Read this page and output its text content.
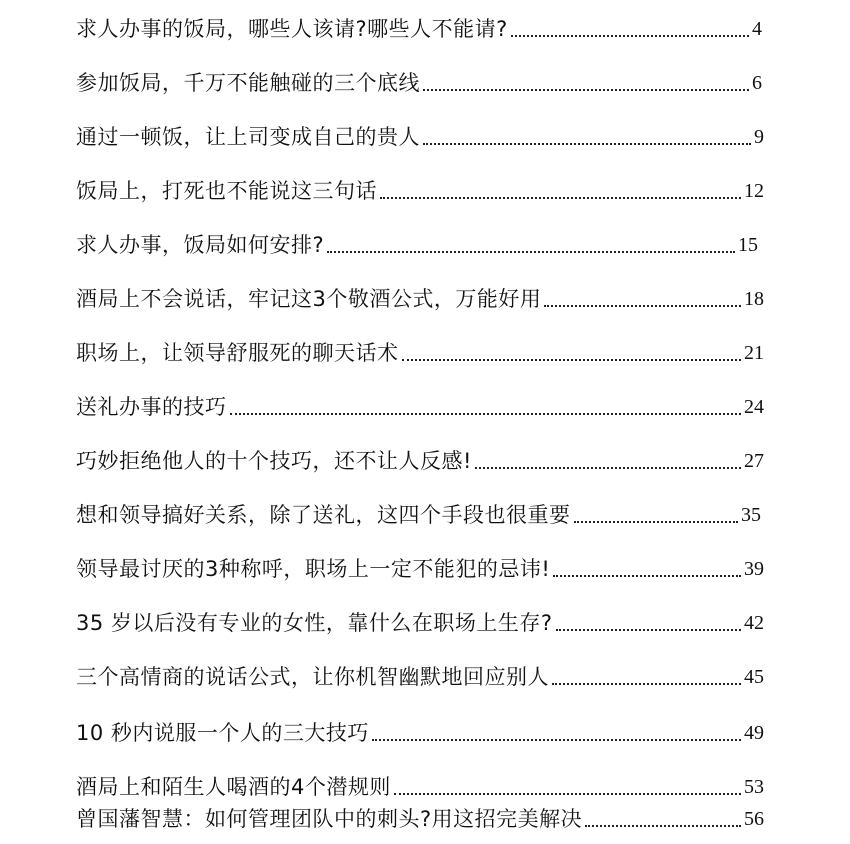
求人办事的饭局，哪些人该请?哪些人不能请?	4
参加饭局，千万不能触碰的三个底线	6
通过一顿饭，让上司变成自己的贵人	9
饭局上，打死也不能说这三句话	12
求人办事，饭局如何安排?	15
酒局上不会说话，牢记这3个敬酒公式，万能好用	18
职场上，让领导舒服死的聊天话术	21
送礼办事的技巧	24
巧妙拒绝他人的十个技巧，还不让人反感!	27
想和领导搞好关系，除了送礼，这四个手段也很重要	35
领导最讨厌的3种称呼，职场上一定不能犯的忌讳!	39
35 岁以后没有专业的女性，靠什么在职场上生存?	42
三个高情商的说话公式，让你机智幽默地回应别人	45
10 秒内说服一个人的三大技巧	49
酒局上和陌生人喝酒的4个潜规则	53
曾国藩智慧：如何管理团队中的刺头?用这招完美解决	56
